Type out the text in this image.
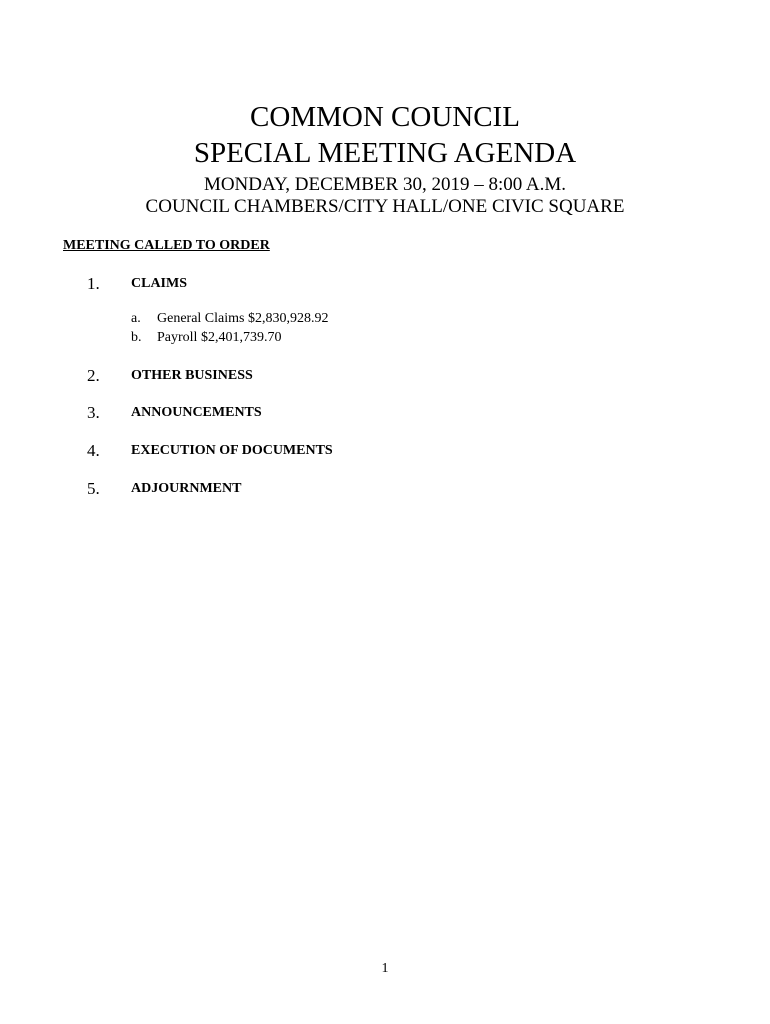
COMMON COUNCIL
SPECIAL MEETING AGENDA
MONDAY, DECEMBER 30, 2019 – 8:00 A.M.
COUNCIL CHAMBERS/CITY HALL/ONE CIVIC SQUARE
MEETING CALLED TO ORDER
1. CLAIMS
a. General Claims $2,830,928.92
b. Payroll $2,401,739.70
2. OTHER BUSINESS
3. ANNOUNCEMENTS
4. EXECUTION OF DOCUMENTS
5. ADJOURNMENT
1
